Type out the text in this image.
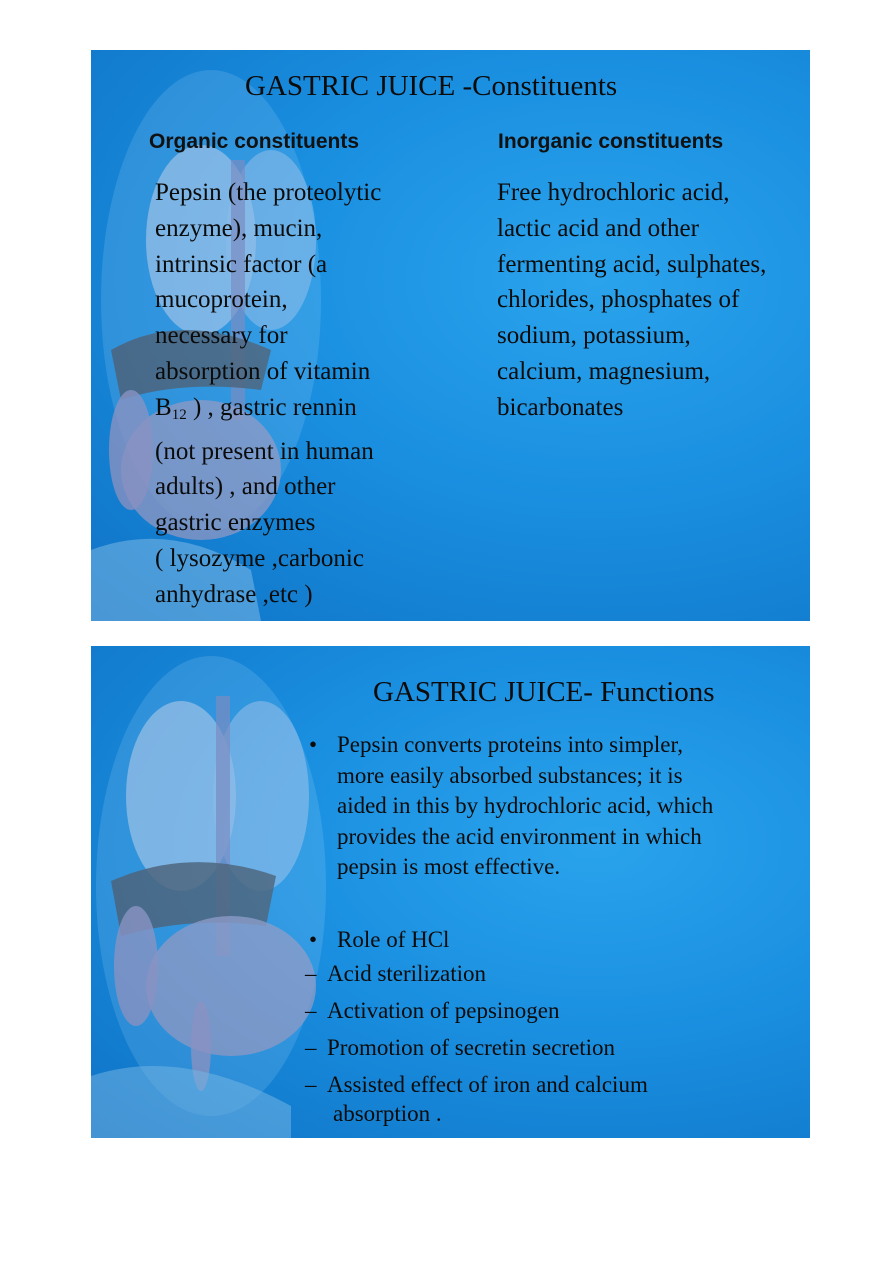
GASTRIC JUICE -Constituents
Organic constituents	Inorganic constituents
Pepsin (the proteolytic
enzyme), mucin,
intrinsic factor (a
mucoprotein,
necessary for
absorption of vitamin
$B_{12}$ ) , gastric rennin
(not present in human
adults) , and other
gastric enzymes
( lysozyme ,carbonic
anhydrase ,etc )
Free hydrochloric acid,
lactic acid and other
fermenting acid, sulphates,
chlorides, phosphates of
sodium, potassium,
calcium, magnesium,
bicarbonates
GASTRIC JUICE- Functions
• Pepsin converts proteins into simpler,
more easily absorbed substances; it is
aided in this by hydrochloric acid, which
provides the acid environment in which
pepsin is most effective.
• Role of HCl
– Acid sterilization
– Activation of pepsinogen
– Promotion of secretin secretion
– Assisted effect of iron and calcium
absorption .
